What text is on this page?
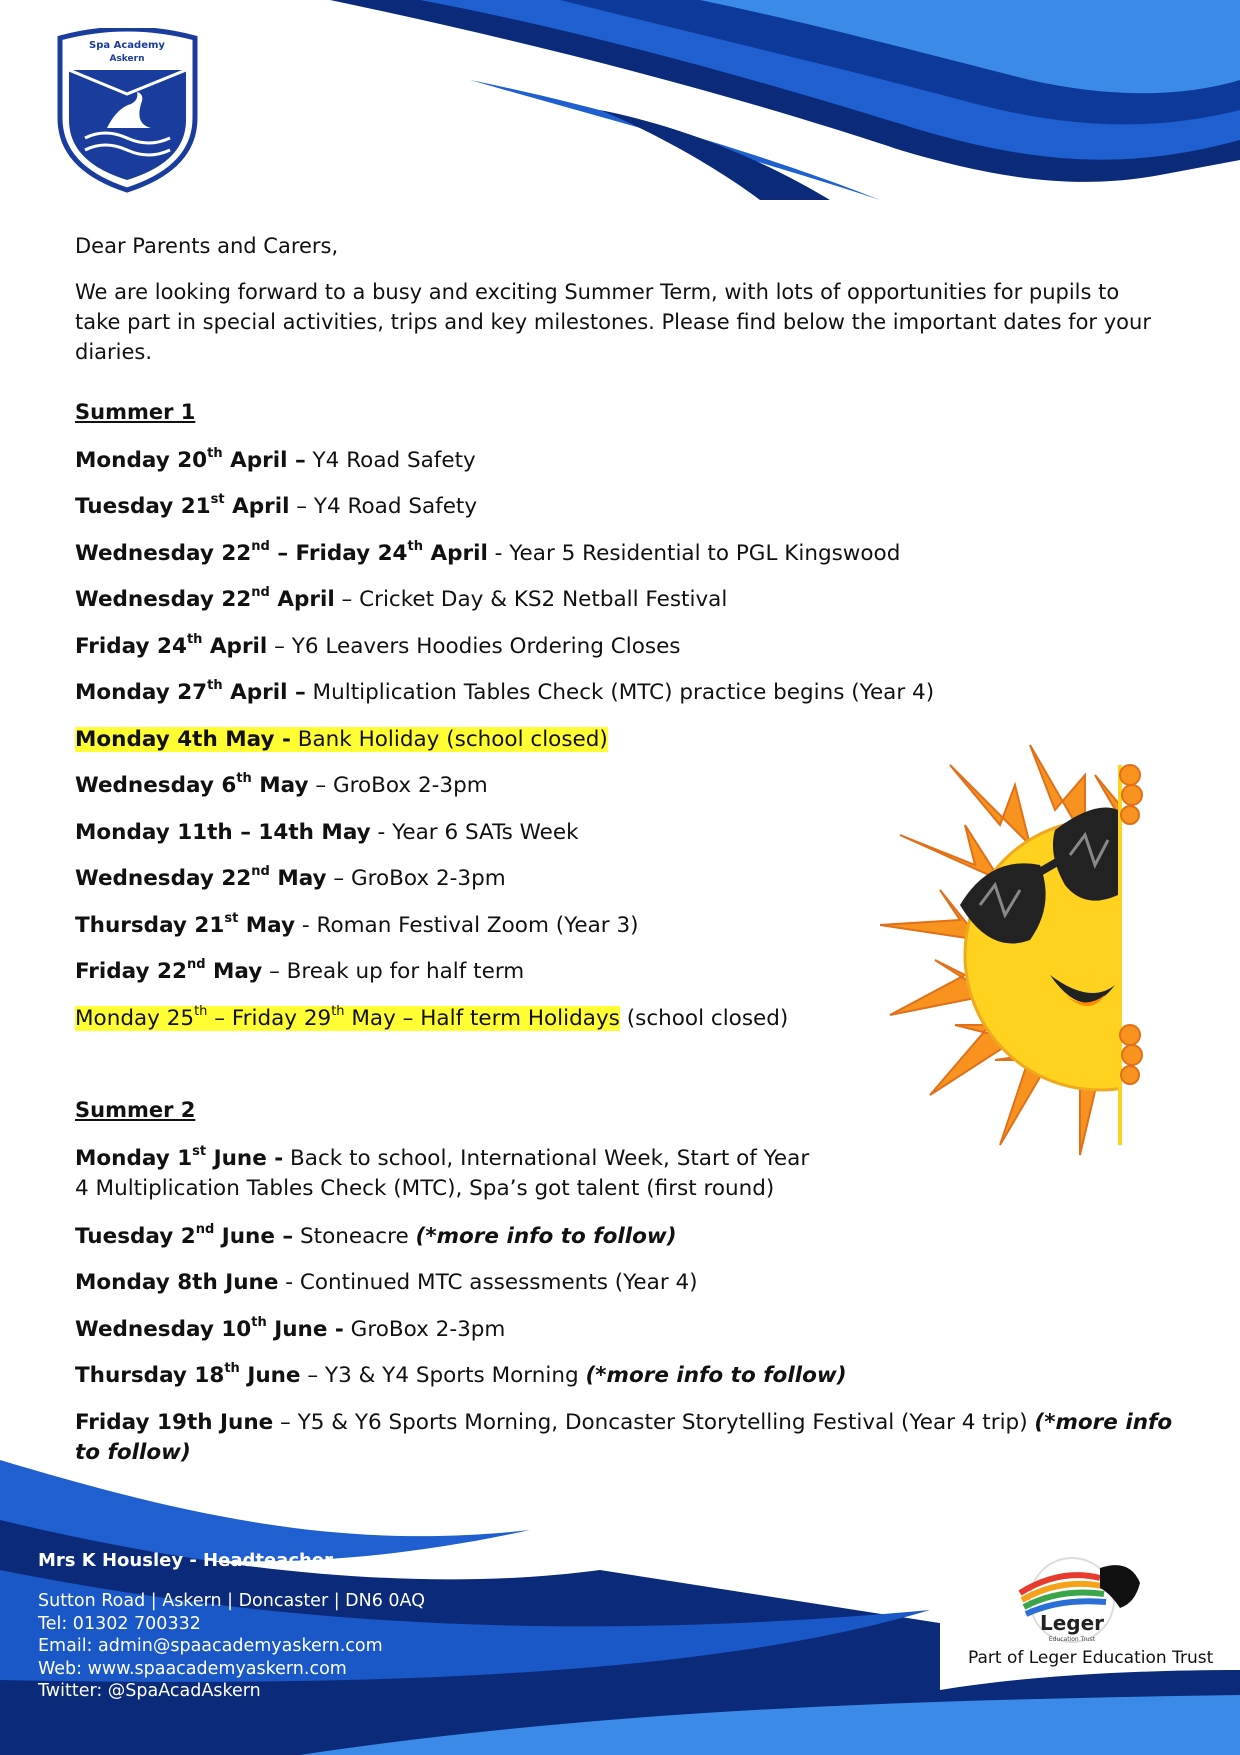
Spa Academy
Askern
Dear Parents and Carers,
We are looking forward to a busy and exciting Summer Term, with lots of opportunities for pupils to take part in special activities, trips and key milestones. Please find below the important dates for your diaries.
Summer 1
Monday 20th April – Y4 Road Safety
Tuesday 21st April – Y4 Road Safety
Wednesday 22nd – Friday 24th April - Year 5 Residential to PGL Kingswood
Wednesday 22nd April – Cricket Day & KS2 Netball Festival
Friday 24th April – Y6 Leavers Hoodies Ordering Closes
Monday 27th April – Multiplication Tables Check (MTC) practice begins (Year 4)
Monday 4th May - Bank Holiday (school closed)
Wednesday 6th May – GroBox 2-3pm
Monday 11th – 14th May - Year 6 SATs Week
Wednesday 22nd May – GroBox 2-3pm
Thursday 21st May - Roman Festival Zoom (Year 3)
Friday 22nd May – Break up for half term
Monday 25th – Friday 29th May – Half term Holidays (school closed)
Summer 2
Monday 1st June - Back to school, International Week, Start of Year 4 Multiplication Tables Check (MTC), Spa’s got talent (first round)
Tuesday 2nd June – Stoneacre (*more info to follow)
Monday 8th June - Continued MTC assessments (Year 4)
Wednesday 10th June - GroBox 2-3pm
Thursday 18th June – Y3 & Y4 Sports Morning (*more info to follow)
Friday 19th June – Y5 & Y6 Sports Morning, Doncaster Storytelling Festival (Year 4 trip) (*more info to follow)
Leger
Education Trust
Part of Leger Education Trust
Mrs K Housley - Headteacher
Sutton Road | Askern | Doncaster | DN6 0AQ
Tel: 01302 700332
Email: admin@spaacademyaskern.com
Web: www.spaacademyaskern.com
Twitter: @SpaAcadAskern
